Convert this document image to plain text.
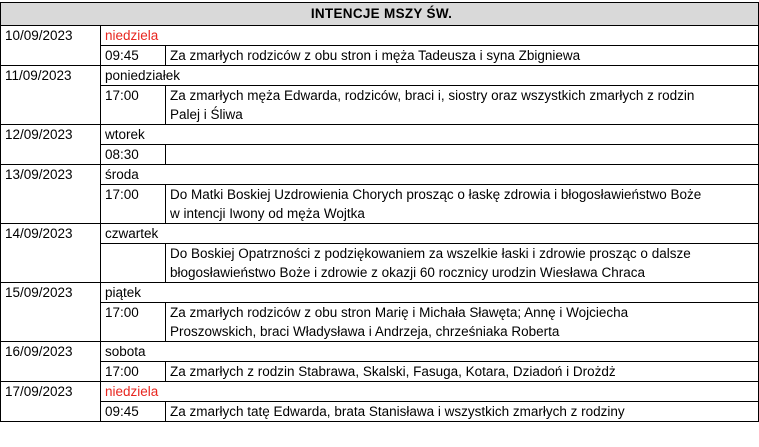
INTENCJE MSZY ŚW.		
10/09/2023	niedziela	
	09:45	Za zmarłych rodziców z obu stron i męża Tadeusza i syna Zbigniewa

11/09/2023	poniedziałek	
	17:00	Za zmarłych męża Edwarda, rodziców, braci i, siostry oraz wszystkich zmarłych z rodzin
Palej i Śliwa

12/09/2023	wtorek	
	08:30	

13/09/2023	środa	
	17:00	Do Matki Boskiej Uzdrowienia Chorych prosząc o łaskę zdrowia i błogosławieństwo Boże
w intencji Iwony od męża Wojtka

14/09/2023	czwartek	

		Do Boskiej Opatrzności z podziękowaniem za wszelkie łaski i zdrowie prosząc o dalsze
błogosławieństwo Boże i zdrowie z okazji 60 rocznicy urodzin Wiesława Chraca

15/09/2023	piątek	
	17:00	Za zmarłych rodziców z obu stron Marię i Michała Sławęta; Annę i Wojciecha
Proszowskich, braci Władysława i Andrzeja, chrześniaka Roberta

16/09/2023	sobota	
	17:00	Za zmarłych z rodzin Stabrawa, Skalski, Fasuga, Kotara, Dziadoń i Drożdż

17/09/2023	niedziela	
	09:45	Za zmarłych tatę Edwarda, brata Stanisława i wszystkich zmarłych z rodziny
